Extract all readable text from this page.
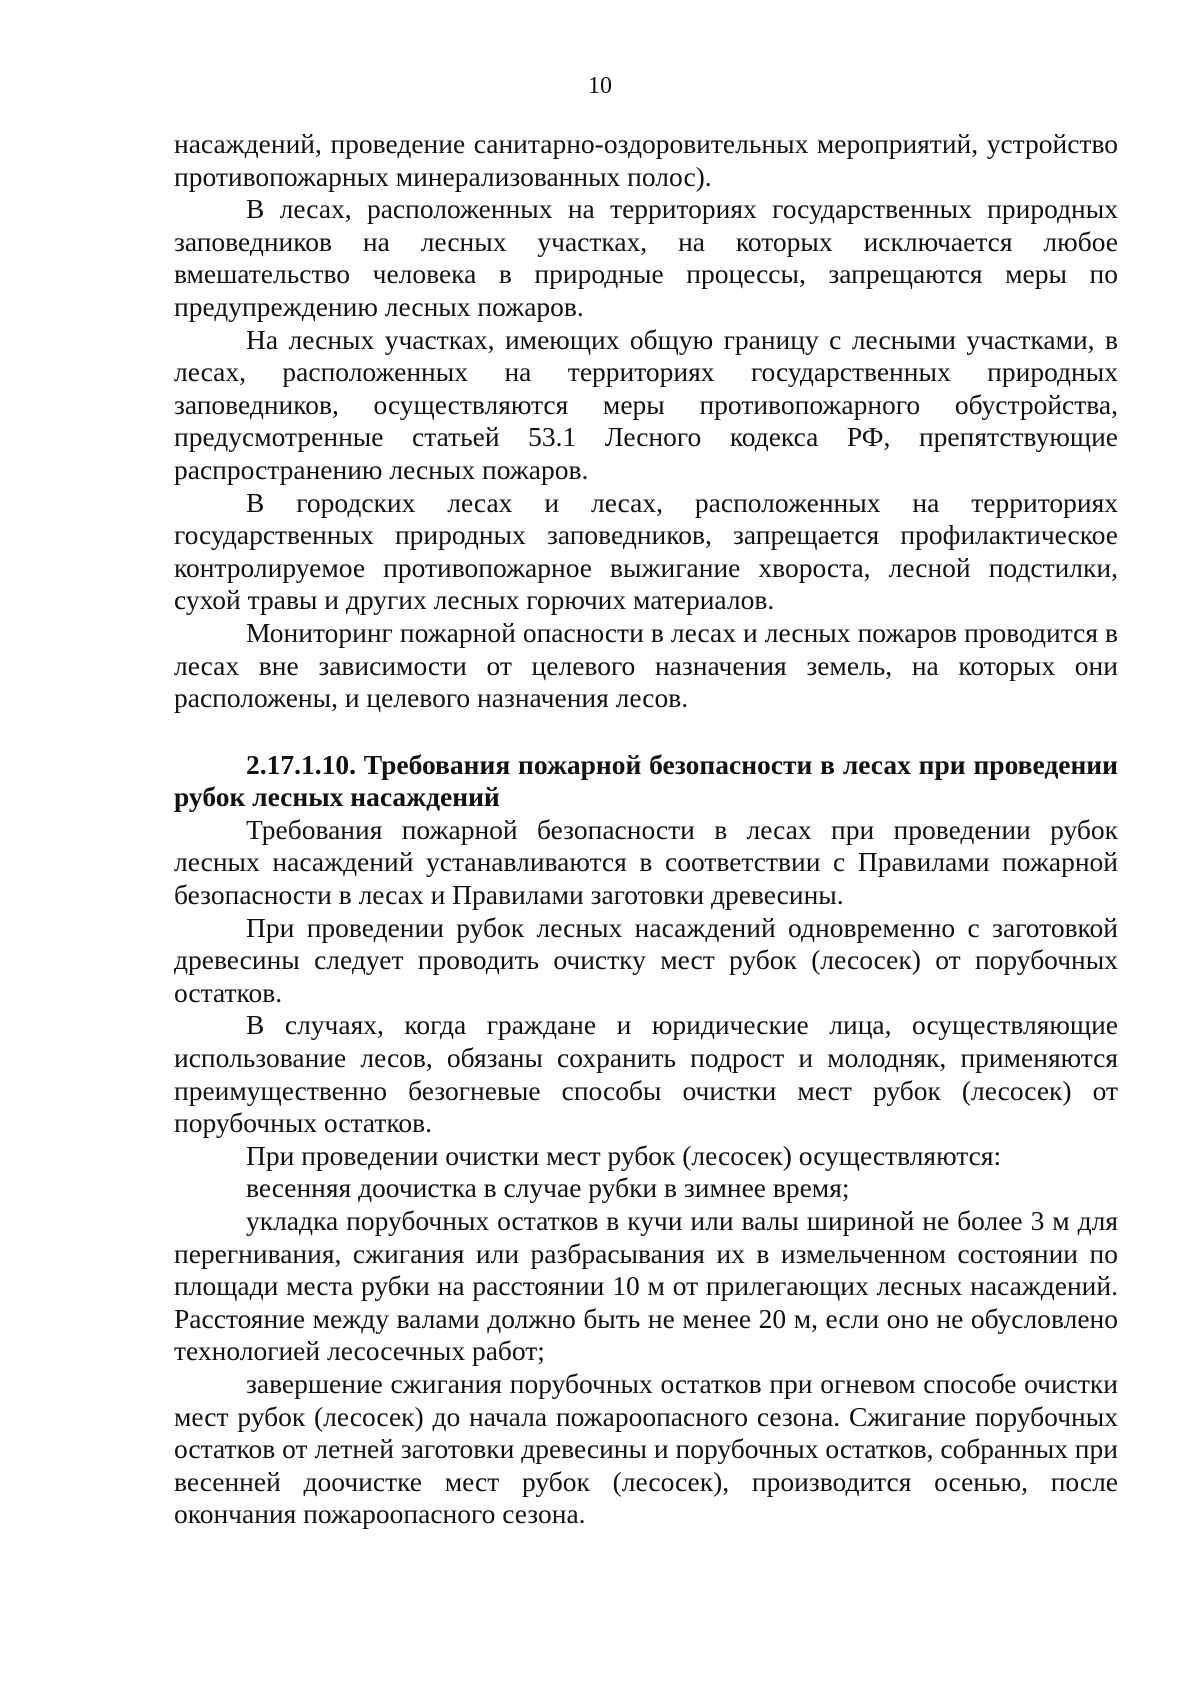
10

насаждений, проведение санитарно-оздоровительных мероприятий, устройство противопожарных минерализованных полос).

В лесах, расположенных на территориях государственных природных заповедников на лесных участках, на которых исключается любое вмешательство человека в природные процессы, запрещаются меры по предупреждению лесных пожаров.

На лесных участках, имеющих общую границу с лесными участками, в лесах, расположенных на территориях государственных природных заповедников, осуществляются меры противопожарного обустройства, предусмотренные статьей 53.1 Лесного кодекса РФ, препятствующие распространению лесных пожаров.

В городских лесах и лесах, расположенных на территориях государственных природных заповедников, запрещается профилактическое контролируемое противопожарное выжигание хвороста, лесной подстилки, сухой травы и других лесных горючих материалов.

Мониторинг пожарной опасности в лесах и лесных пожаров проводится в лесах вне зависимости от целевого назначения земель, на которых они расположены, и целевого назначения лесов.

2.17.1.10. Требования пожарной безопасности в лесах при проведении рубок лесных насаждений

Требования пожарной безопасности в лесах при проведении рубок лесных насаждений устанавливаются в соответствии с Правилами пожарной безопасности в лесах и Правилами заготовки древесины.

При проведении рубок лесных насаждений одновременно с заготовкой древесины следует проводить очистку мест рубок (лесосек) от порубочных остатков.

В случаях, когда граждане и юридические лица, осуществляющие использование лесов, обязаны сохранить подрост и молодняк, применяются преимущественно безогневые способы очистки мест рубок (лесосек) от порубочных остатков.

При проведении очистки мест рубок (лесосек) осуществляются:

весенняя доочистка в случае рубки в зимнее время;

укладка порубочных остатков в кучи или валы шириной не более 3 м для перегнивания, сжигания или разбрасывания их в измельченном состоянии по площади места рубки на расстоянии 10 м от прилегающих лесных насаждений. Расстояние между валами должно быть не менее 20 м, если оно не обусловлено технологией лесосечных работ;

завершение сжигания порубочных остатков при огневом способе очистки мест рубок (лесосек) до начала пожароопасного сезона. Сжигание порубочных остатков от летней заготовки древесины и порубочных остатков, собранных при весенней доочистке мест рубок (лесосек), производится осенью, после окончания пожароопасного сезона.
